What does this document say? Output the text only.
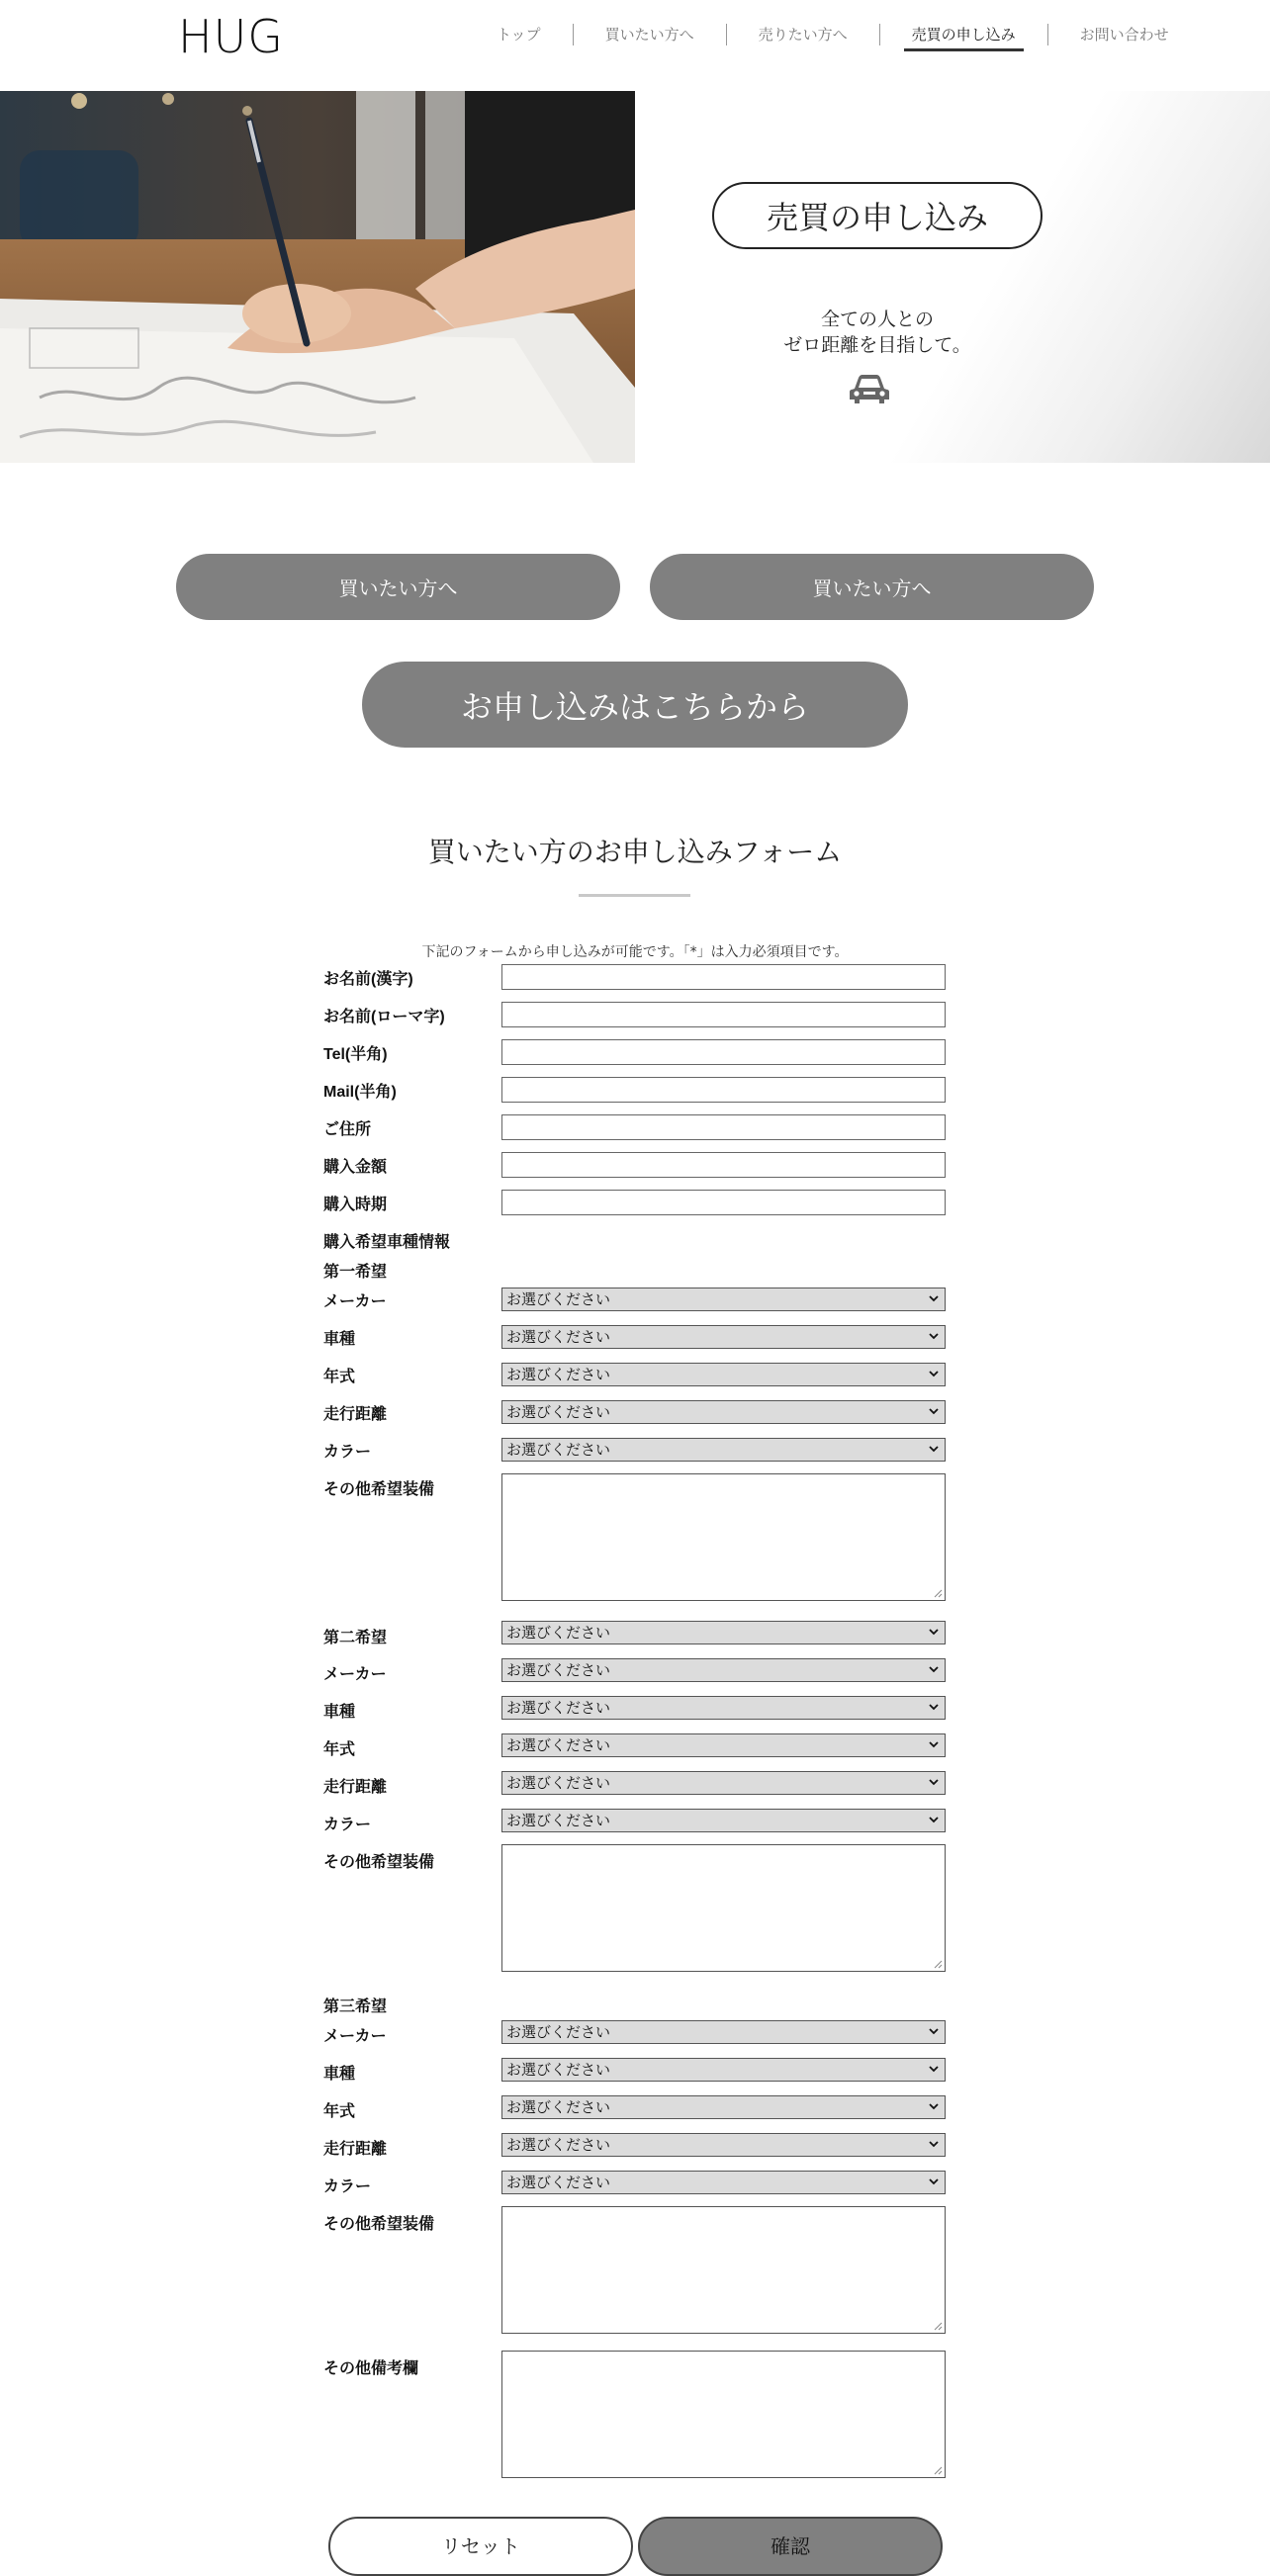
HUG	トップ	買いたい方へ	売りたい方へ	売買の申し込み	お問い合わせ
売買の申し込み
全ての人との
ゼロ距離を目指して。
買いたい方へ	買いたい方へ
お申し込みはこちらから
買いたい方のお申し込みフォーム
下記のフォームから申し込みが可能です。「*」は入力必須項目です。
お名前(漢字)
お名前(ローマ字)
Tel(半角)
Mail(半角)
ご住所
購入金額
購入時期
購入希望車種情報
第一希望
メーカー	お選びください
車種	お選びください
年式	お選びください
走行距離	お選びください
カラー	お選びください
その他希望装備
第二希望	お選びください
メーカー	お選びください
車種	お選びください
年式	お選びください
走行距離	お選びください
カラー	お選びください
その他希望装備
第三希望
メーカー	お選びください
車種	お選びください
年式	お選びください
走行距離	お選びください
カラー	お選びください
その他希望装備
その他備考欄
リセット	確認
